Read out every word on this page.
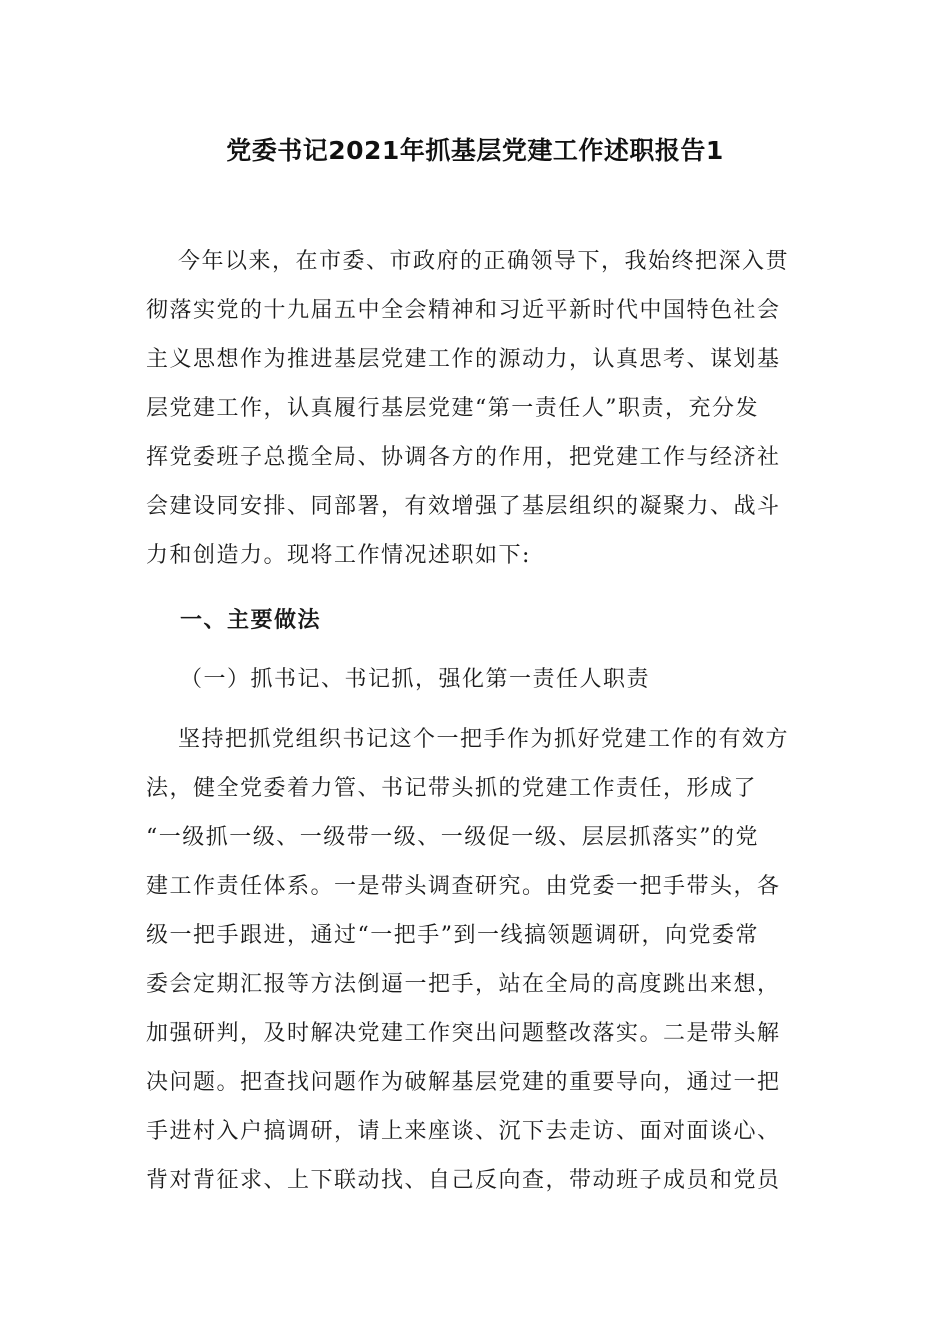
党委书记2021年抓基层党建工作述职报告1
今年以来，在市委、市政府的正确领导下，我始终把深入贯
彻落实党的十九届五中全会精神和习近平新时代中国特色社会
主义思想作为推进基层党建工作的源动力，认真思考、谋划基
层党建工作，认真履行基层党建“第一责任人”职责，充分发
挥党委班子总揽全局、协调各方的作用，把党建工作与经济社
会建设同安排、同部署，有效增强了基层组织的凝聚力、战斗
力和创造力。现将工作情况述职如下:
一、主要做法
（一）抓书记、书记抓，强化第一责任人职责
坚持把抓党组织书记这个一把手作为抓好党建工作的有效方
法，健全党委着力管、书记带头抓的党建工作责任，形成了
“一级抓一级、一级带一级、一级促一级、层层抓落实”的党
建工作责任体系。一是带头调查研究。由党委一把手带头，各
级一把手跟进，通过“一把手”到一线搞领题调研，向党委常
委会定期汇报等方法倒逼一把手，站在全局的高度跳出来想，
加强研判，及时解决党建工作突出问题整改落实。二是带头解
决问题。把查找问题作为破解基层党建的重要导向，通过一把
手进村入户搞调研，请上来座谈、沉下去走访、面对面谈心、
背对背征求、上下联动找、自己反向查，带动班子成员和党员
